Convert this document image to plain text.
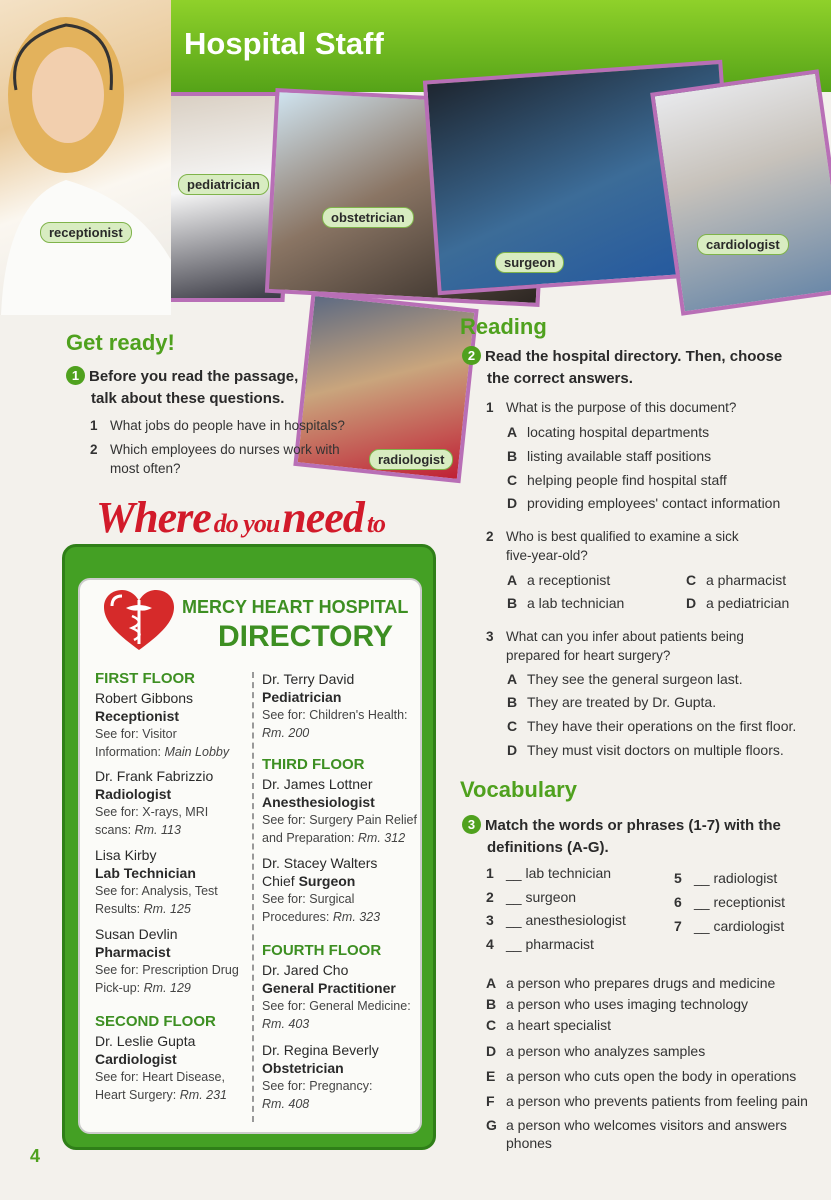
Hospital Staff
receptionist
pediatrician
obstetrician
surgeon
cardiologist
radiologist
Get ready!
1 Before you read the passage,
talk about these questions.
1 What jobs do people have in hospitals?
2 Which employees do nurses work with
most often?
Where do you need to
MERCY HEART HOSPITAL
DIRECTORY
FIRST FLOOR
Robert Gibbons
Receptionist
See for: Visitor
Information: Main Lobby
Dr. Frank Fabrizzio
Radiologist
See for: X-rays, MRI
scans: Rm. 113
Lisa Kirby
Lab Technician
See for: Analysis, Test
Results: Rm. 125
Susan Devlin
Pharmacist
See for: Prescription Drug
Pick-up: Rm. 129
SECOND FLOOR
Dr. Leslie Gupta
Cardiologist
See for: Heart Disease,
Heart Surgery: Rm. 231
Dr. Terry David
Pediatrician
See for: Children's Health:
Rm. 200
THIRD FLOOR
Dr. James Lottner
Anesthesiologist
See for: Surgery Pain Relief
and Preparation: Rm. 312
Dr. Stacey Walters
Chief Surgeon
See for: Surgical
Procedures: Rm. 323
FOURTH FLOOR
Dr. Jared Cho
General Practitioner
See for: General Medicine:
Rm. 403
Dr. Regina Beverly
Obstetrician
See for: Pregnancy:
Rm. 408
Reading
2 Read the hospital directory. Then, choose
the correct answers.
1 What is the purpose of this document?
A locating hospital departments
B listing available staff positions
C helping people find hospital staff
D providing employees' contact information
2 Who is best qualified to examine a sick
five-year-old?
A a receptionist
B a lab technician
C a pharmacist
D a pediatrician
3 What can you infer about patients being
prepared for heart surgery?
A They see the general surgeon last.
B They are treated by Dr. Gupta.
C They have their operations on the first floor.
D They must visit doctors on multiple floors.
Vocabulary
3 Match the words or phrases (1-7) with the
definitions (A-G).
1 __ lab technician
2 __ surgeon
3 __ anesthesiologist
4 __ pharmacist
5 __ radiologist
6 __ receptionist
7 __ cardiologist
A a person who prepares drugs and medicine
B a person who uses imaging technology
C a heart specialist
D a person who analyzes samples
E a person who cuts open the body in operations
F a person who prevents patients from feeling pain
G a person who welcomes visitors and answers
phones
4
